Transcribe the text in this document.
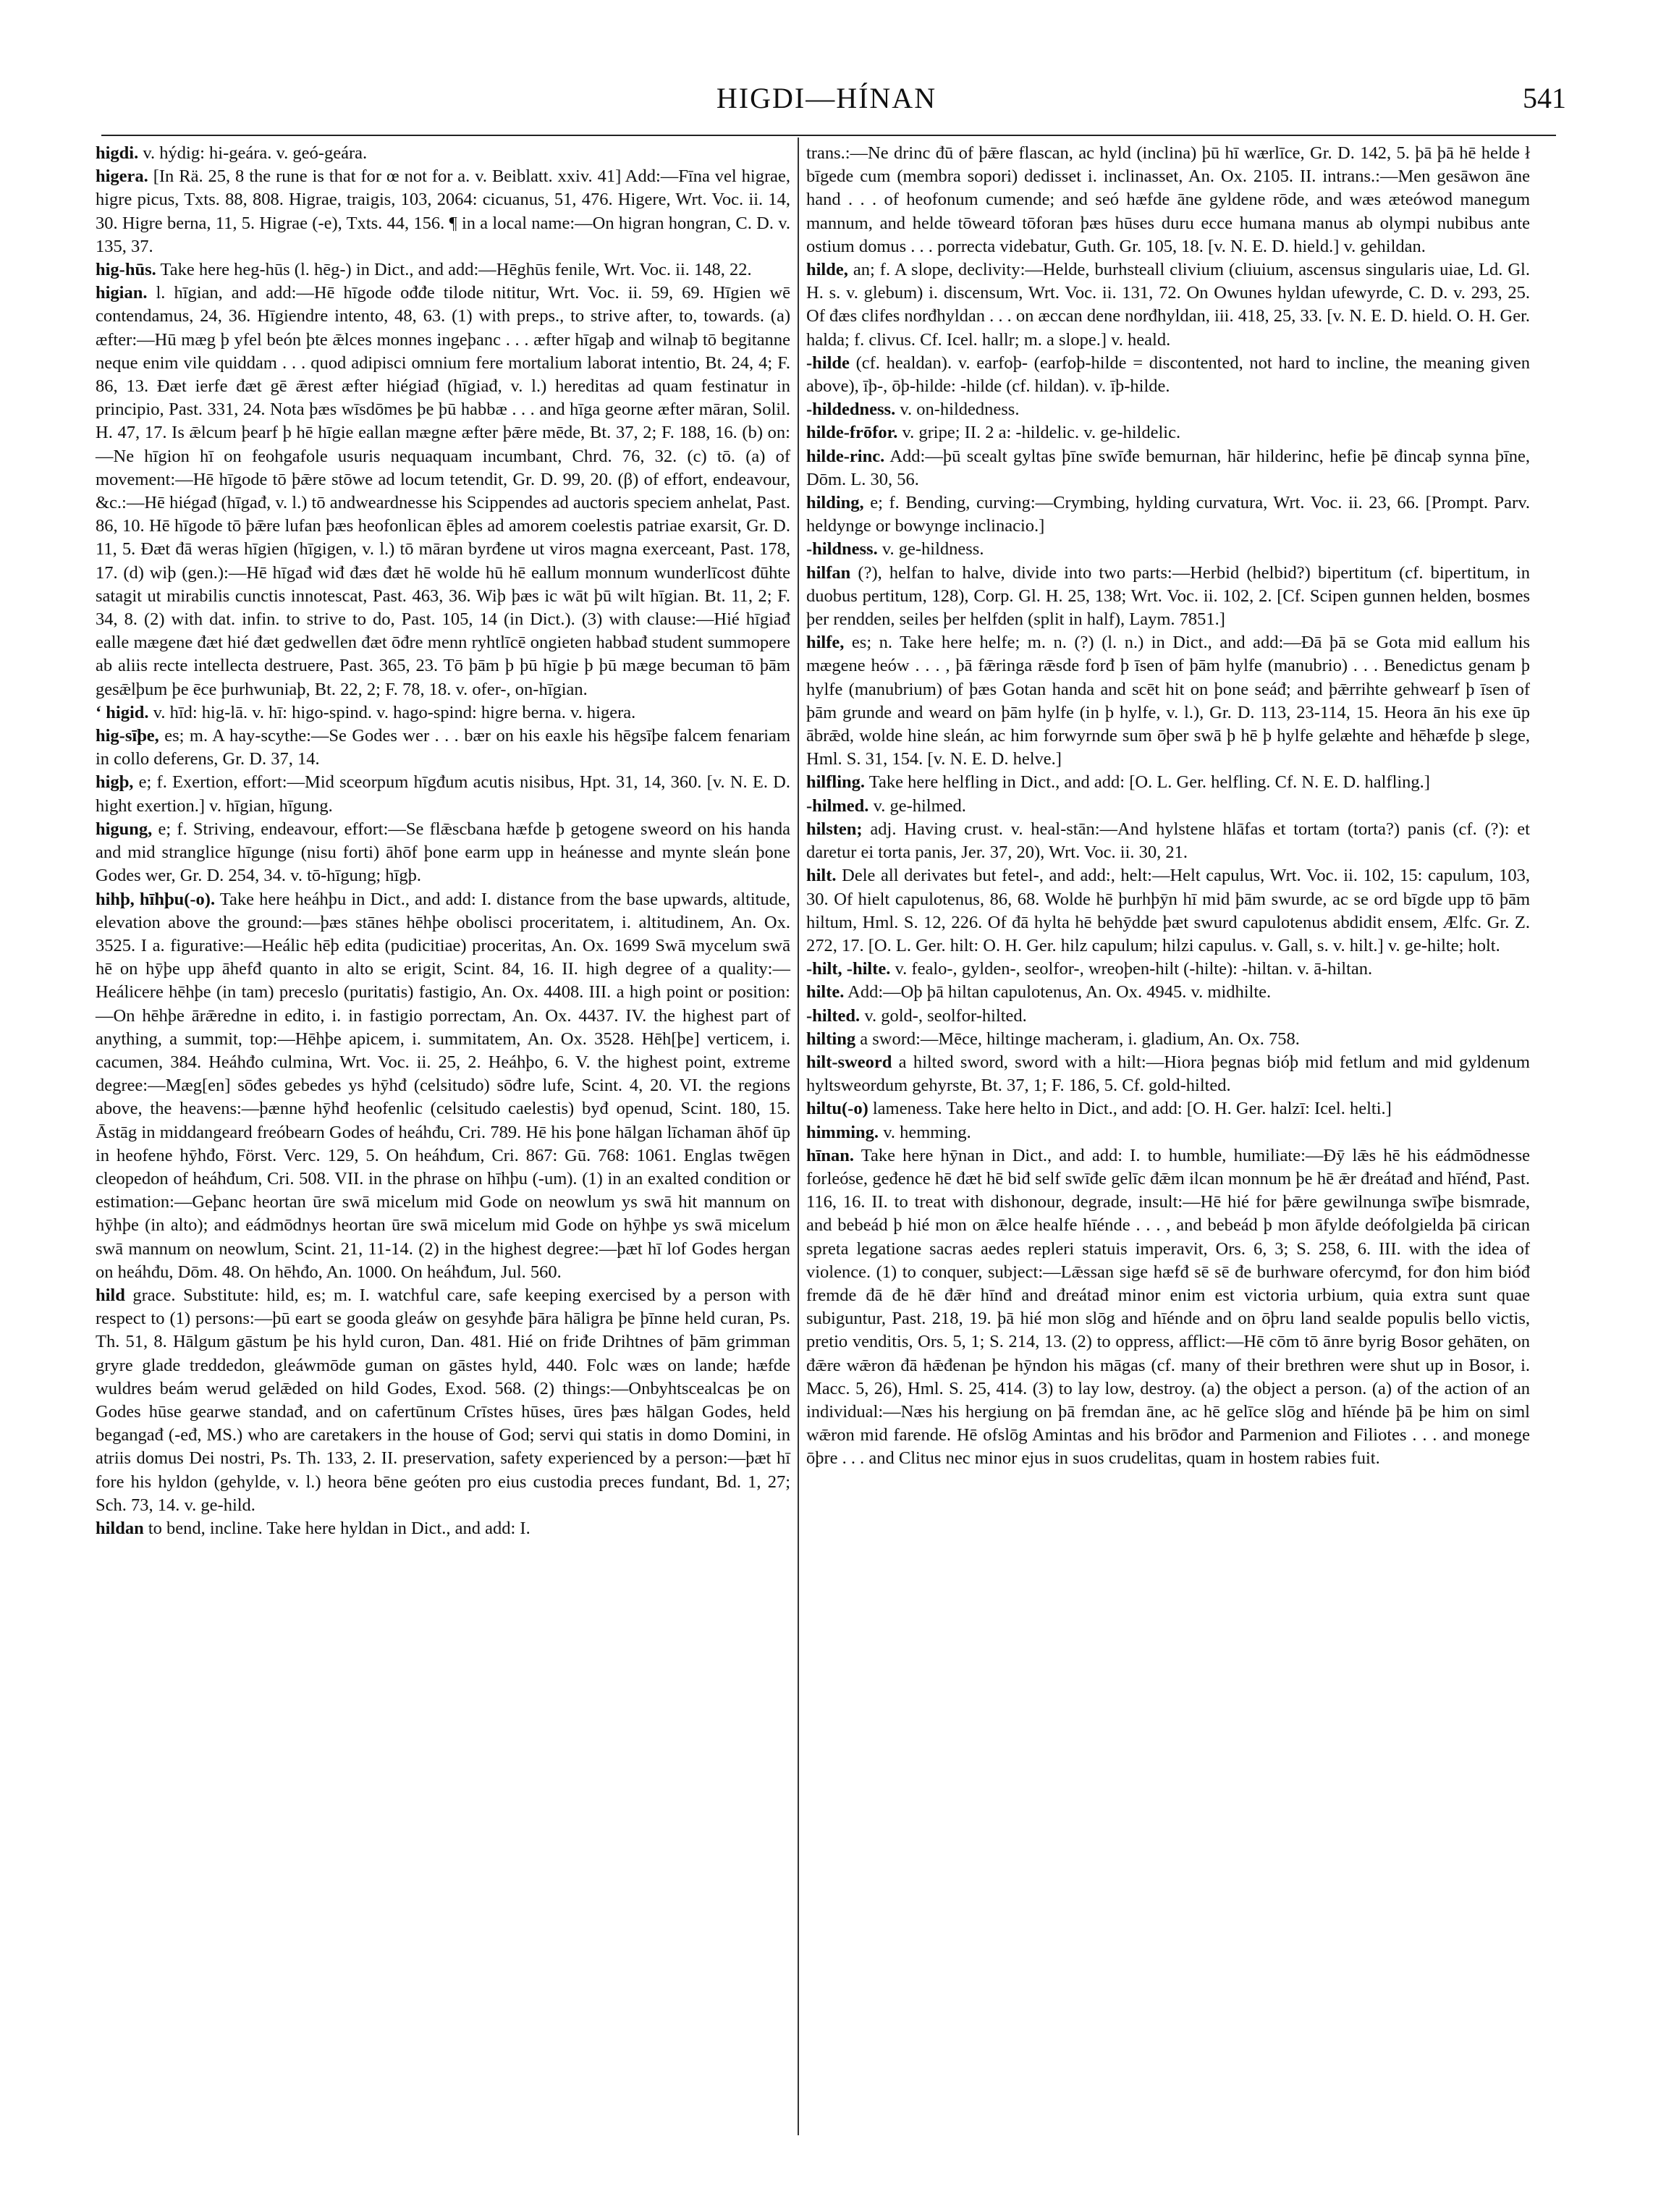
HIGDI—HÍNAN	541

higdi. v. hýdig: hi-geára. v. geó-geára.

higera. [In Rä. 25, 8 the rune is that for œ not for a. v. Beiblatt. xxiv. 41] Add:—Fīna vel higrae, higre picus, Txts. 88, 808. Higrae, traigis, 103, 2064: cicuanus, 51, 476. Higere, Wrt. Voc. ii. 14, 30. Higre berna, 11, 5. Higrae (-e), Txts. 44, 156. ¶ in a local name:—On higran hongran, C. D. v. 135, 37.

hig-hūs. Take here heg-hūs (l. hēg-) in Dict., and add:—Hēghūs fenile, Wrt. Voc. ii. 148, 22.

higian. l. hīgian, and add:—Hē hīgode ođđe tilode nititur, Wrt. Voc. ii. 59, 69. Hīgien wē contendamus, 24, 36. Hīgiendre intento, 48, 63. (1) with preps., to strive after, to, towards. (a) æfter:—Hū mæg þ yfel beón þte ǣlces monnes ingeþanc . . . æfter hīgaþ and wilnaþ tō begitanne neque enim vile quiddam . . . quod adipisci omnium fere mortalium laborat intentio, Bt. 24, 4; F. 86, 13. Đæt ierfe đæt gē ǣrest æfter hiégiađ (hīgiađ, v. l.) hereditas ad quam festinatur in principio, Past. 331, 24. Nota þæs wīsdōmes þe þū habbæ . . . and hīga georne æfter māran, Solil. H. 47, 17. Is ǣlcum þearf þ hē hīgie eallan mægne æfter þǣre mēde, Bt. 37, 2; F. 188, 16. (b) on:—Ne hīgion hī on feohgafole usuris nequaquam incumbant, Chrd. 76, 32. (c) tō. (a) of movement:—Hē hīgode tō þǣre stōwe ad locum tetendit, Gr. D. 99, 20. (β) of effort, endeavour, &c.:—Hē hiégađ (hīgađ, v. l.) tō andweardnesse his Scippendes ad auctoris speciem anhelat, Past. 86, 10. Hē hīgode tō þǣre lufan þæs heofonlican ēþles ad amorem coelestis patriae exarsit, Gr. D. 11, 5. Đæt đā weras hīgien (hīgigen, v. l.) tō māran byrđene ut viros magna exerceant, Past. 178, 17. (d) wiþ (gen.):—Hē hīgađ wiđ đæs đæt hē wolde hū hē eallum monnum wunderlīcost đūhte satagit ut mirabilis cunctis innotescat, Past. 463, 36. Wiþ þæs ic wāt þū wilt hīgian. Bt. 11, 2; F. 34, 8. (2) with dat. infin. to strive to do, Past. 105, 14 (in Dict.). (3) with clause:—Hié hīgiađ ealle mægene đæt hié đæt gedwellen đæt ōđre menn ryhtlīcē ongieten habbađ student summopere ab aliis recte intellecta destruere, Past. 365, 23. Tō þām þ þū hīgie þ þū mæge becuman tō þām gesǣlþum þe ēce þurhwuniaþ, Bt. 22, 2; F. 78, 18. v. ofer-, on-hīgian.

‘ higid. v. hīd: hig-lā. v. hī: higo-spind. v. hago-spind: higre berna. v. higera.

hig-sīþe, es; m. A hay-scythe:—Se Godes wer . . . bær on his eaxle his hēgsīþe falcem fenariam in collo deferens, Gr. D. 37, 14.

higþ, e; f. Exertion, effort:—Mid sceorpum hīgđum acutis nisibus, Hpt. 31, 14, 360. [v. N. E. D. hight exertion.] v. hīgian, hīgung.

higung, e; f. Striving, endeavour, effort:—Se flǣscbana hæfde þ getogene sweord on his handa and mid stranglice hīgunge (nisu forti) āhōf þone earm upp in heánesse and mynte sleán þone Godes wer, Gr. D. 254, 34. v. tō-hīgung; hīgþ.

hihþ, hīhþu(-o). Take here heáhþu in Dict., and add: I. distance from the base upwards, altitude, elevation above the ground:—þæs stānes hēhþe obolisci proceritatem, i. altitudinem, An. Ox. 3525. I a. figurative:—Heálic hēþ edita (pudicitiae) proceritas, An. Ox. 1699 Swā mycelum swā hē on hȳþe upp āhefđ quanto in alto se erigit, Scint. 84, 16. II. high degree of a quality:—Heálicere hēhþe (in tam) preceslo (puritatis) fastigio, An. Ox. 4408. III. a high point or position:—On hēhþe ārǣredne in edito, i. in fastigio porrectam, An. Ox. 4437. IV. the highest part of anything, a summit, top:—Hēhþe apicem, i. summitatem, An. Ox. 3528. Hēh[þe] verticem, i. cacumen, 384. Heáhđo culmina, Wrt. Voc. ii. 25, 2. Heáhþo, 6. V. the highest point, extreme degree:—Mæg[en] sōđes gebedes ys hȳhđ (celsitudo) sōđre lufe, Scint. 4, 20. VI. the regions above, the heavens:—þænne hȳhđ heofenlic (celsitudo caelestis) byđ openud, Scint. 180, 15. Āstāg in middangeard freóbearn Godes of heáhđu, Cri. 789. Hē his þone hālgan līchaman āhōf ūp in heofene hȳhđo, Först. Verc. 129, 5. On heáhđum, Cri. 867: Gū. 768: 1061. Englas twēgen cleopedon of heáhđum, Cri. 508. VII. in the phrase on hīhþu (-um). (1) in an exalted condition or estimation:—Geþanc heortan ūre swā micelum mid Gode on neowlum ys swā hit mannum on hȳhþe (in alto); and eádmōdnys heortan ūre swā micelum mid Gode on hȳhþe ys swā micelum swā mannum on neowlum, Scint. 21, 11-14. (2) in the highest degree:—þæt hī lof Godes hergan on heáhđu, Dōm. 48. On hēhđo, An. 1000. On heáhđum, Jul. 560.

hild grace. Substitute: hild, es; m. I. watchful care, safe keeping exercised by a person with respect to (1) persons:—þū eart se gooda gleáw on gesyhđe þāra hāligra þe þīnne held curan, Ps. Th. 51, 8. Hālgum gāstum þe his hyld curon, Dan. 481. Hié on friđe Drihtnes of þām grimman gryre glade treddedon, gleáwmōde guman on gāstes hyld, 440. Folc wæs on lande; hæfde wuldres beám werud gelǣded on hild Godes, Exod. 568. (2) things:—Onbyhtscealcas þe on Godes hūse gearwe standađ, and on cafertūnum Crīstes hūses, ūres þæs hālgan Godes, held begangađ (-eđ, MS.) who are caretakers in the house of God; servi qui statis in domo Domini, in atriis domus Dei nostri, Ps. Th. 133, 2. II. preservation, safety experienced by a person:—þæt hī fore his hyldon (gehylde, v. l.) heora bēne geóten pro eius custodia preces fundant, Bd. 1, 27; Sch. 73, 14. v. ge-hild.

hildan to bend, incline. Take here hyldan in Dict., and add: I.

trans.:—Ne drinc đū of þǣre flascan, ac hyld (inclina) þū hī wærlīce, Gr. D. 142, 5. þā þā hē helde ł bīgede cum (membra sopori) dedisset i. inclinasset, An. Ox. 2105. II. intrans.:—Men gesāwon āne hand . . . of heofonum cumende; and seó hæfde āne gyldene rōde, and wæs æteówod manegum mannum, and helde tōweard tōforan þæs hūses duru ecce humana manus ab olympi nubibus ante ostium domus . . . porrecta videbatur, Guth. Gr. 105, 18. [v. N. E. D. hield.] v. gehildan.

hilde, an; f. A slope, declivity:—Helde, burhsteall clivium (cliuium, ascensus singularis uiae, Ld. Gl. H. s. v. glebum) i. discensum, Wrt. Voc. ii. 131, 72. On Owunes hyldan ufewyrde, C. D. v. 293, 25. Of đæs clifes norđhyldan . . . on æccan dene norđhyldan, iii. 418, 25, 33. [v. N. E. D. hield. O. H. Ger. halda; f. clivus. Cf. Icel. hallr; m. a slope.] v. heald.

-hilde (cf. healdan). v. earfoþ- (earfoþ-hilde = discontented, not hard to incline, the meaning given above), īþ-, ōþ-hilde: -hilde (cf. hildan). v. īþ-hilde.

-hildedness. v. on-hildedness.

hilde-frōfor. v. gripe; II. 2 a: -hildelic. v. ge-hildelic.

hilde-rinc. Add:—þū scealt gyltas þīne swīđe bemurnan, hār hilderinc, hefie þē đincaþ synna þīne, Dōm. L. 30, 56.

hilding, e; f. Bending, curving:—Crymbing, hylding curvatura, Wrt. Voc. ii. 23, 66. [Prompt. Parv. heldynge or bowynge inclinacio.]

-hildness. v. ge-hildness.

hilfan (?), helfan to halve, divide into two parts:—Herbid (helbid?) bipertitum (cf. bipertitum, in duobus pertitum, 128), Corp. Gl. H. 25, 138; Wrt. Voc. ii. 102, 2. [Cf. Scipen gunnen helden, bosmes þer rendden, seiles þer helfden (split in half), Laym. 7851.]

hilfe, es; n. Take here helfe; m. n. (?) (l. n.) in Dict., and add:—Đā þā se Gota mid eallum his mægene heów . . . , þā fǣringa rǣsde forđ þ īsen of þām hylfe (manubrio) . . . Benedictus genam þ hylfe (manubrium) of þæs Gotan handa and scēt hit on þone seáđ; and þǣrrihte gehwearf þ īsen of þām grunde and weard on þām hylfe (in þ hylfe, v. l.), Gr. D. 113, 23-114, 15. Heora ān his exe ūp ābrǣd, wolde hine sleán, ac him forwyrnde sum ōþer swā þ hē þ hylfe gelæhte and hēhæfde þ slege, Hml. S. 31, 154. [v. N. E. D. helve.]

hilfling. Take here helfling in Dict., and add: [O. L. Ger. helfling. Cf. N. E. D. halfling.]

-hilmed. v. ge-hilmed.

hilsten; adj. Having crust. v. heal-stān:—And hylstene hlāfas et tortam (torta?) panis (cf. (?): et daretur ei torta panis, Jer. 37, 20), Wrt. Voc. ii. 30, 21.

hilt. Dele all derivates but fetel-, and add:, helt:—Helt capulus, Wrt. Voc. ii. 102, 15: capulum, 103, 30. Of hielt capulotenus, 86, 68. Wolde hē þurhþȳn hī mid þām swurde, ac se ord bīgde upp tō þām hiltum, Hml. S. 12, 226. Of đā hylta hē behȳdde þæt swurd capulotenus abdidit ensem, Ælfc. Gr. Z. 272, 17. [O. L. Ger. hilt: O. H. Ger. hilz capulum; hilzi capulus. v. Gall, s. v. hilt.] v. ge-hilte; holt.

-hilt, -hilte. v. fealo-, gylden-, seolfor-, wreoþen-hilt (-hilte): -hiltan. v. ā-hiltan.

hilte. Add:—Oþ þā hiltan capulotenus, An. Ox. 4945. v. midhilte.

-hilted. v. gold-, seolfor-hilted.

hilting a sword:—Mēce, hiltinge macheram, i. gladium, An. Ox. 758.

hilt-sweord a hilted sword, sword with a hilt:—Hiora þegnas bióþ mid fetlum and mid gyldenum hyltsweordum gehyrste, Bt. 37, 1; F. 186, 5. Cf. gold-hilted.

hiltu(-o) lameness. Take here helto in Dict., and add: [O. H. Ger. halzī: Icel. helti.]

himming. v. hemming.

hīnan. Take here hȳnan in Dict., and add: I. to humble, humiliate:—Đȳ lǣs hē his eádmōdnesse forleóse, geđence hē đæt hē biđ self swīđe gelīc đǣm ilcan monnum þe hē ǣr đreátađ and hīénđ, Past. 116, 16. II. to treat with dishonour, degrade, insult:—Hē hié for þǣre gewilnunga swīþe bismrade, and bebeád þ hié mon on ǣlce healfe hīénde . . . , and bebeád þ mon āfylde deófolgielda þā cirican spreta legatione sacras aedes repleri statuis imperavit, Ors. 6, 3; S. 258, 6. III. with the idea of violence. (1) to conquer, subject:—Lǣssan sige hæfđ sē sē đe burhware ofercymđ, for đon him bióđ fremde đā đe hē đǣr hīnđ and đreátađ minor enim est victoria urbium, quia extra sunt quae subiguntur, Past. 218, 19. þā hié mon slōg and hīénde and on ōþru land sealde populis bello victis, pretio venditis, Ors. 5, 1; S. 214, 13. (2) to oppress, afflict:—Hē cōm tō ānre byrig Bosor gehāten, on đǣre wǣron đā hǣđenan þe hȳndon his māgas (cf. many of their brethren were shut up in Bosor, i. Macc. 5, 26), Hml. S. 25, 414. (3) to lay low, destroy. (a) the object a person. (a) of the action of an individual:—Næs his hergiung on þā fremdan āne, ac hē gelīce slōg and hīénde þā þe him on siml wǣron mid farende. Hē ofslōg Amintas and his brōđor and Parmenion and Filiotes . . . and monege ōþre . . . and Clitus nec minor ejus in suos crudelitas, quam in hostem rabies fuit.
